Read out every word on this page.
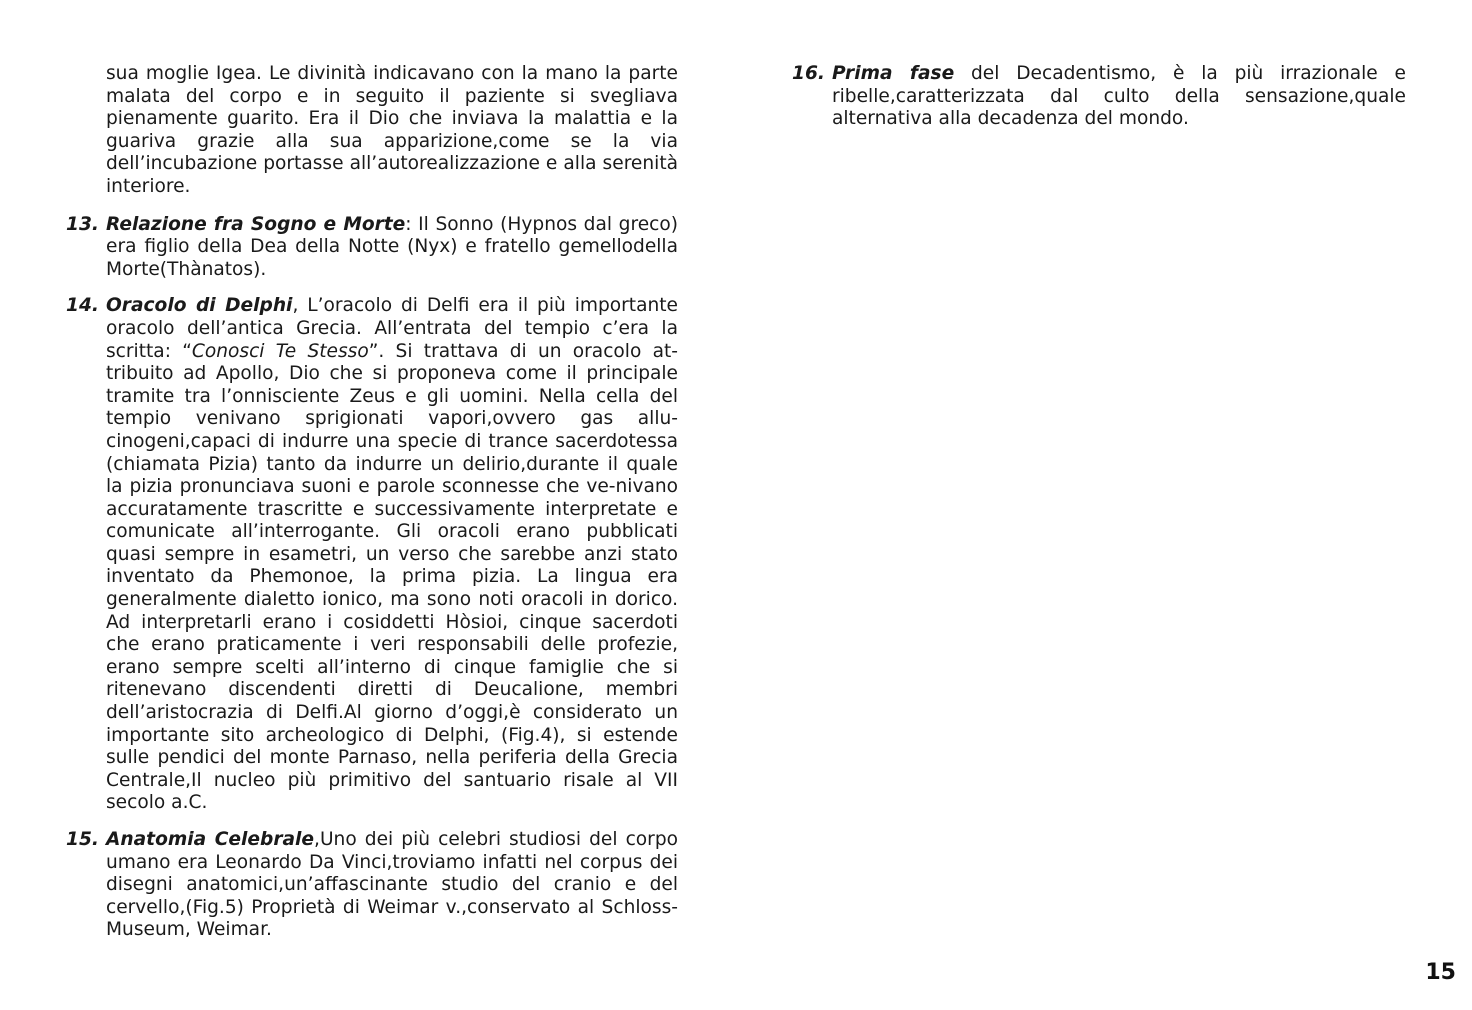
sua moglie Igea. Le divinità indicavano con la mano la parte malata del corpo e in seguito il paziente si svegliava pienamente guarito. Era il Dio che inviava la malattia e la guariva grazie alla sua apparizione,come se la via dell’incubazione portasse all’autorealizzazione e alla serenità interiore.

13. Relazione fra Sogno e Morte: Il Sonno (Hypnos dal greco) era figlio della Dea della Notte (Nyx) e fratello gemellodella Morte(Thànatos).

14. Oracolo di Delphi, L’oracolo di Delfi era il più importante oracolo dell’antica Grecia. All’entrata del tempio c’era la scritta: “Conosci Te Stesso”. Si trattava di un oracolo at-tribuito ad Apollo, Dio che si proponeva come il principale tramite tra l’onnisciente Zeus e gli uomini. Nella cella del tempio venivano sprigionati vapori,ovvero gas allu-cinogeni,capaci di indurre una specie di trance sacerdotessa (chiamata Pizia) tanto da indurre un delirio,durante il quale la pizia pronunciava suoni e parole sconnesse che ve-nivano accuratamente trascritte e successivamente interpretate e comunicate all’interrogante. Gli oracoli erano pubblicati quasi sempre in esametri, un verso che sarebbe anzi stato inventato da Phemonoe, la prima pizia. La lingua era generalmente dialetto ionico, ma sono noti oracoli in dorico. Ad interpretarli erano i cosiddetti Hòsioi, cinque sacerdoti che erano praticamente i veri responsabili delle profezie, erano sempre scelti all’interno di cinque famiglie che si ritenevano discendenti diretti di Deucalione, membri dell’aristocrazia di Delfi.Al giorno d’oggi,è considerato un importante sito archeologico di Delphi, (Fig.4), si estende sulle pendici del monte Parnaso, nella periferia della Grecia Centrale,Il nucleo più primitivo del santuario risale al VII secolo a.C.

15. Anatomia Celebrale,Uno dei più celebri studiosi del corpo umano era Leonardo Da Vinci,troviamo infatti nel corpus dei disegni anatomici,un’affascinante studio del cranio e del cervello,(Fig.5) Proprietà di Weimar v.,conservato al Schloss-Museum, Weimar.

16. Prima fase del Decadentismo, è la più irrazionale e ribelle,caratterizzata dal culto della sensazione,quale alternativa alla decadenza del mondo.

15
